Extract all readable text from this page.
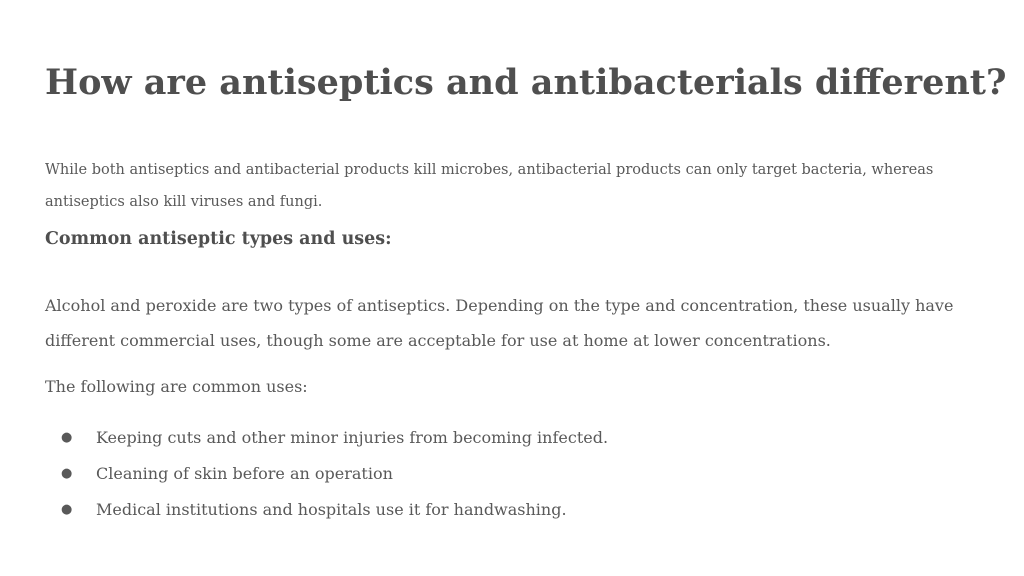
How are antiseptics and antibacterials different?

While both antiseptics and antibacterial products kill microbes, antibacterial products can only target bacteria, whereas antiseptics also kill viruses and fungi.

Common antiseptic types and uses:

Alcohol and peroxide are two types of antiseptics. Depending on the type and concentration, these usually have different commercial uses, though some are acceptable for use at home at lower concentrations.

The following are common uses:

●	Keeping cuts and other minor injuries from becoming infected.
●	Cleaning of skin before an operation
●	Medical institutions and hospitals use it for handwashing.
